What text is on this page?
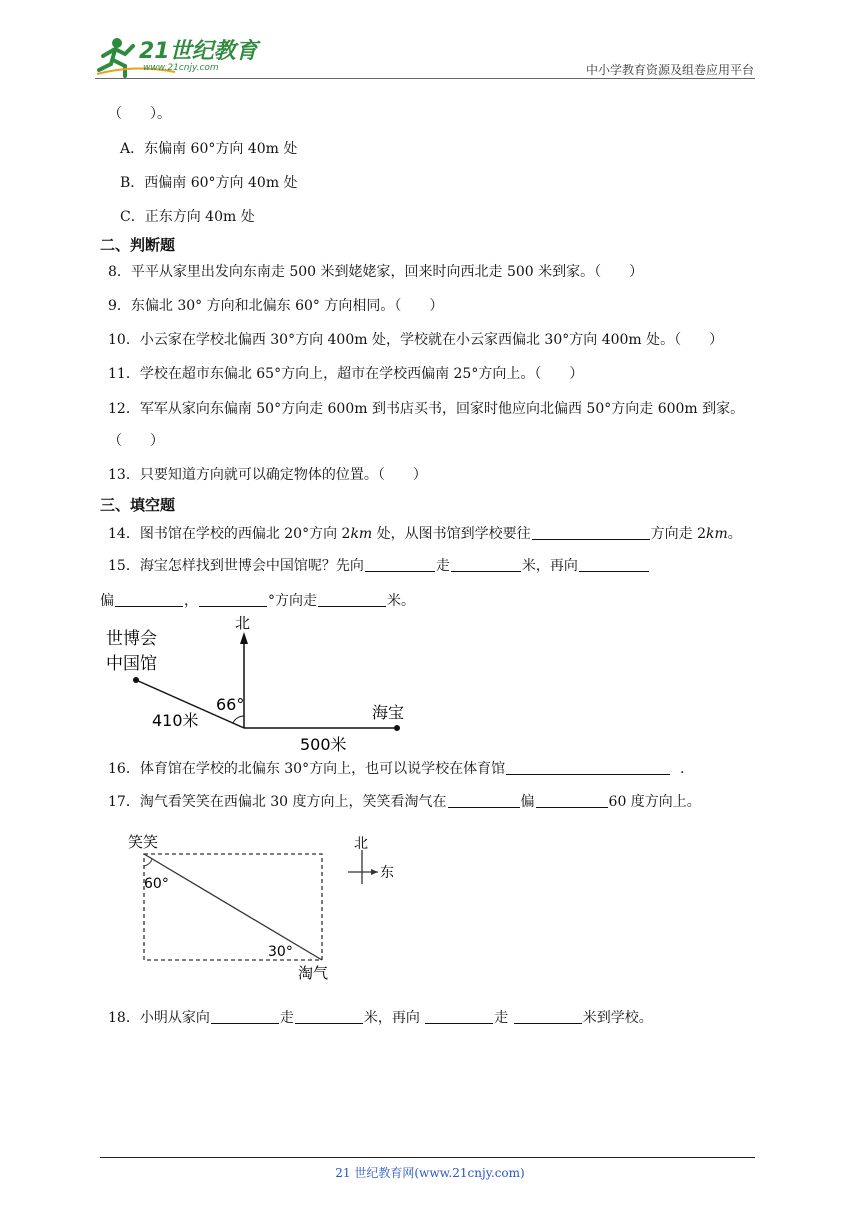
21世纪教育
www.21cnjy.com	中小学教育资源及组卷应用平台
（　　）。
A．东偏南 60°方向 40m 处
B．西偏南 60°方向 40m 处
C．正东方向 40m 处
二、判断题
8．平平从家里出发向东南走 500 米到姥姥家，回来时向西北走 500 米到家。（　　）
9．东偏北 30° 方向和北偏东 60° 方向相同。（　　）
10．小云家在学校北偏西 30°方向 400m 处，学校就在小云家西偏北 30°方向 400m 处。（　　）
11．学校在超市东偏北 65°方向上，超市在学校西偏南 25°方向上。（　　）
12．军军从家向东偏南 50°方向走 600m 到书店买书，回家时他应向北偏西 50°方向走 600m 到家。
（　　）
13．只要知道方向就可以确定物体的位置。（　　）
三、填空题
14．图书馆在学校的西偏北 20°方向 2km 处，从图书馆到学校要往	方向走 2km。
15．海宝怎样找到世博会中国馆呢？先向	走	米，再向
偏	，	°方向走	米。
北
世博会
中国馆
66°
410米	海宝
500米
16．体育馆在学校的北偏东 30°方向上，也可以说学校在体育馆	.
17．淘气看笑笑在西偏北 30 度方向上，笑笑看淘气在	偏	60 度方向上。
笑笑
60°
30°
淘气
北
东
18．小明从家向	走	米，再向	走	米到学校。
21 世纪教育网(www.21cnjy.com)
